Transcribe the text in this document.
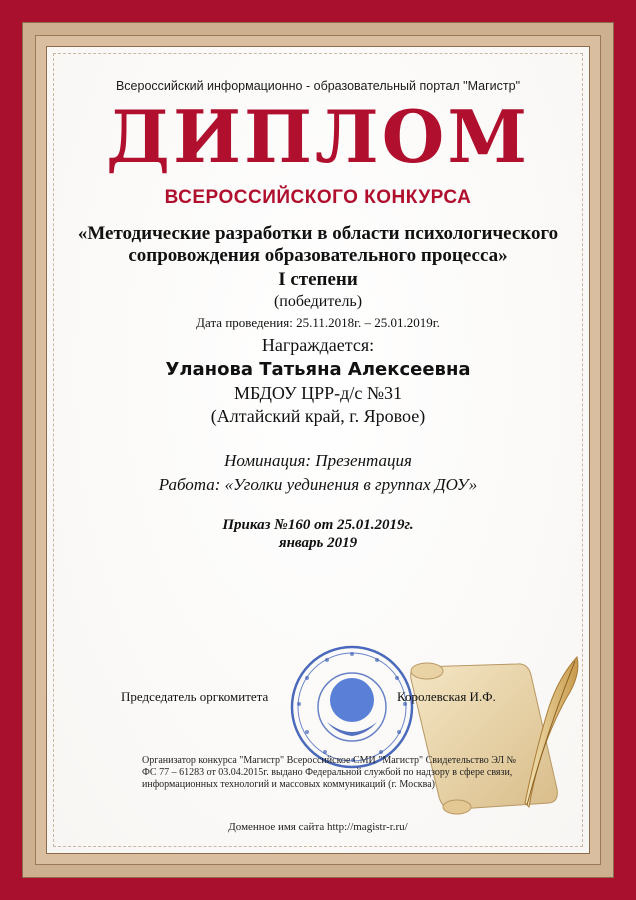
Всероссийский информационно - образовательный портал "Магистр"
ДИПЛОМ
ВСЕРОССИЙСКОГО КОНКУРСА
«Методические разработки в области психологического
сопровождения образовательного процесса»
I степени
(победитель)
Дата проведения: 25.11.2018г. – 25.01.2019г.
Награждается:
Уланова Татьяна Алексеевна
МБДОУ ЦРР-д/с №31
(Алтайский край, г. Яровое)
Номинация: Презентация
Работа: «Уголки уединения в группах ДОУ»
Приказ №160 от 25.01.2019г.
январь 2019
Председатель оргкомитета	Королевская И.Ф.
Организатор конкурса "Магистр" Всероссийское СМИ "Магистр" Свидетельство ЭЛ № ФС 77 – 61283 от 03.04.2015г. выдано Федеральной службой по надзору в сфере связи, информационных технологий и массовых коммуникаций (г. Москва)
Доменное имя сайта http://magistr-r.ru/
